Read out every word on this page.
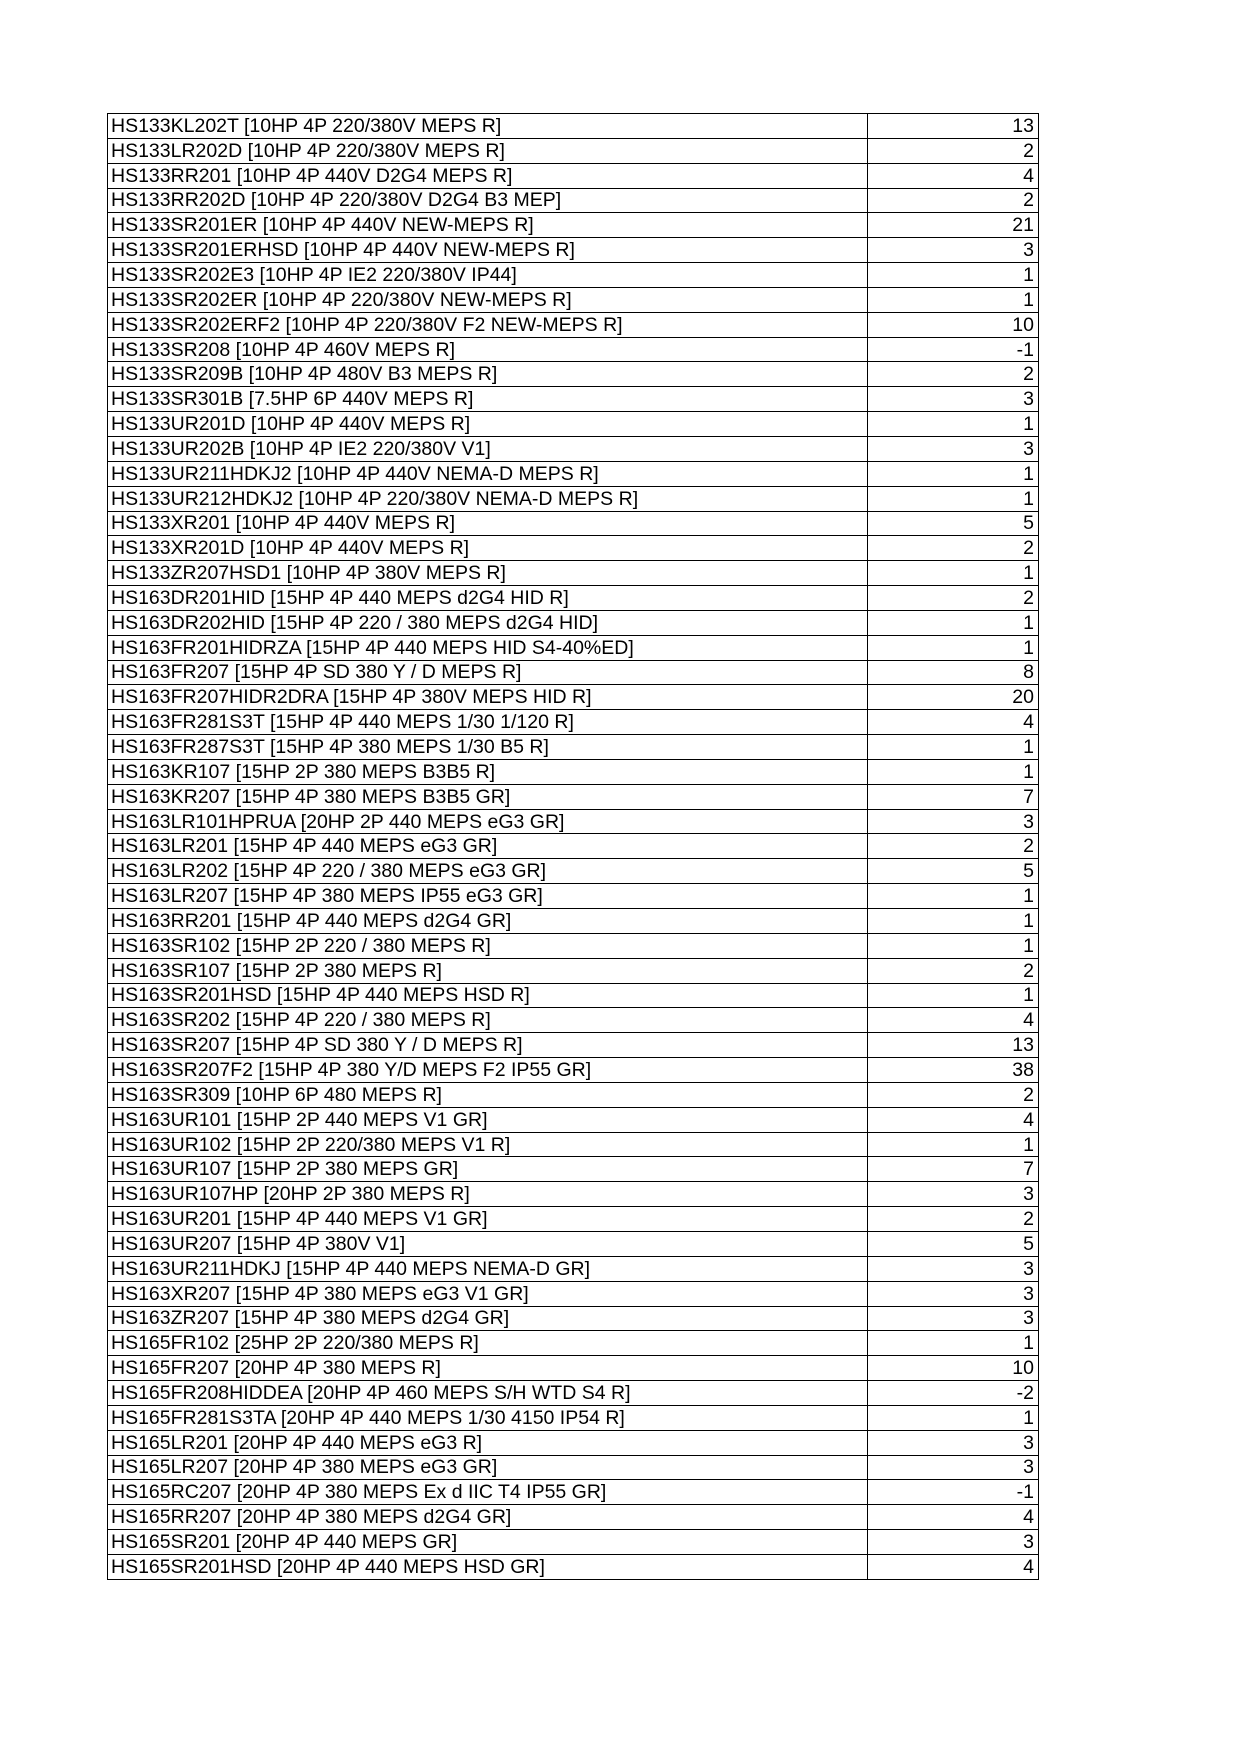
HS133KL202T [10HP 4P 220/380V MEPS R]	13
HS133LR202D [10HP 4P 220/380V MEPS R]	2
HS133RR201 [10HP 4P 440V D2G4 MEPS R]	4
HS133RR202D [10HP 4P 220/380V D2G4 B3 MEP]	2
HS133SR201ER [10HP 4P 440V NEW-MEPS R]	21
HS133SR201ERHSD [10HP 4P 440V NEW-MEPS R]	3
HS133SR202E3 [10HP 4P IE2 220/380V IP44]	1
HS133SR202ER [10HP 4P 220/380V NEW-MEPS R]	1
HS133SR202ERF2 [10HP 4P 220/380V F2 NEW-MEPS R]	10
HS133SR208 [10HP 4P 460V MEPS R]	-1
HS133SR209B [10HP 4P 480V B3 MEPS R]	2
HS133SR301B [7.5HP 6P 440V MEPS R]	3
HS133UR201D [10HP 4P 440V MEPS R]	1
HS133UR202B [10HP 4P IE2 220/380V V1]	3
HS133UR211HDKJ2 [10HP 4P 440V NEMA-D MEPS R]	1
HS133UR212HDKJ2 [10HP 4P 220/380V NEMA-D MEPS R]	1
HS133XR201 [10HP 4P 440V MEPS R]	5
HS133XR201D [10HP 4P 440V MEPS R]	2
HS133ZR207HSD1 [10HP 4P 380V MEPS R]	1
HS163DR201HID [15HP 4P 440 MEPS d2G4 HID R]	2
HS163DR202HID [15HP 4P 220 / 380 MEPS d2G4 HID]	1
HS163FR201HIDRZA [15HP 4P 440 MEPS HID S4-40%ED]	1
HS163FR207 [15HP 4P SD 380 Y / D MEPS R]	8
HS163FR207HIDR2DRA [15HP 4P 380V MEPS HID R]	20
HS163FR281S3T [15HP 4P 440 MEPS 1/30 1/120 R]	4
HS163FR287S3T [15HP 4P 380 MEPS 1/30 B5 R]	1
HS163KR107 [15HP 2P 380 MEPS B3B5 R]	1
HS163KR207 [15HP 4P 380 MEPS B3B5 GR]	7
HS163LR101HPRUA [20HP 2P 440 MEPS eG3 GR]	3
HS163LR201 [15HP 4P 440 MEPS eG3 GR]	2
HS163LR202 [15HP 4P 220 / 380 MEPS eG3 GR]	5
HS163LR207 [15HP 4P 380 MEPS IP55 eG3 GR]	1
HS163RR201 [15HP 4P 440 MEPS d2G4 GR]	1
HS163SR102 [15HP 2P 220 / 380 MEPS R]	1
HS163SR107 [15HP 2P 380 MEPS R]	2
HS163SR201HSD [15HP 4P 440 MEPS HSD R]	1
HS163SR202 [15HP 4P 220 / 380 MEPS R]	4
HS163SR207 [15HP 4P SD 380 Y / D MEPS R]	13
HS163SR207F2 [15HP 4P 380 Y/D MEPS F2 IP55 GR]	38
HS163SR309 [10HP 6P 480 MEPS R]	2
HS163UR101 [15HP 2P 440 MEPS V1 GR]	4
HS163UR102 [15HP 2P 220/380 MEPS V1 R]	1
HS163UR107 [15HP 2P 380 MEPS GR]	7
HS163UR107HP [20HP 2P 380 MEPS R]	3
HS163UR201 [15HP 4P 440 MEPS V1 GR]	2
HS163UR207 [15HP 4P 380V V1]	5
HS163UR211HDKJ [15HP 4P 440 MEPS NEMA-D GR]	3
HS163XR207 [15HP 4P 380 MEPS eG3 V1 GR]	3
HS163ZR207 [15HP 4P 380 MEPS d2G4 GR]	3
HS165FR102 [25HP 2P 220/380 MEPS R]	1
HS165FR207 [20HP 4P 380 MEPS R]	10
HS165FR208HIDDEA [20HP 4P 460 MEPS S/H WTD S4 R]	-2
HS165FR281S3TA [20HP 4P 440 MEPS 1/30 4150 IP54 R]	1
HS165LR201 [20HP 4P 440 MEPS eG3 R]	3
HS165LR207 [20HP 4P 380 MEPS eG3 GR]	3
HS165RC207 [20HP 4P 380 MEPS Ex d IIC T4 IP55 GR]	-1
HS165RR207 [20HP 4P 380 MEPS d2G4 GR]	4
HS165SR201 [20HP 4P 440 MEPS GR]	3
HS165SR201HSD [20HP 4P 440 MEPS HSD GR]	4
